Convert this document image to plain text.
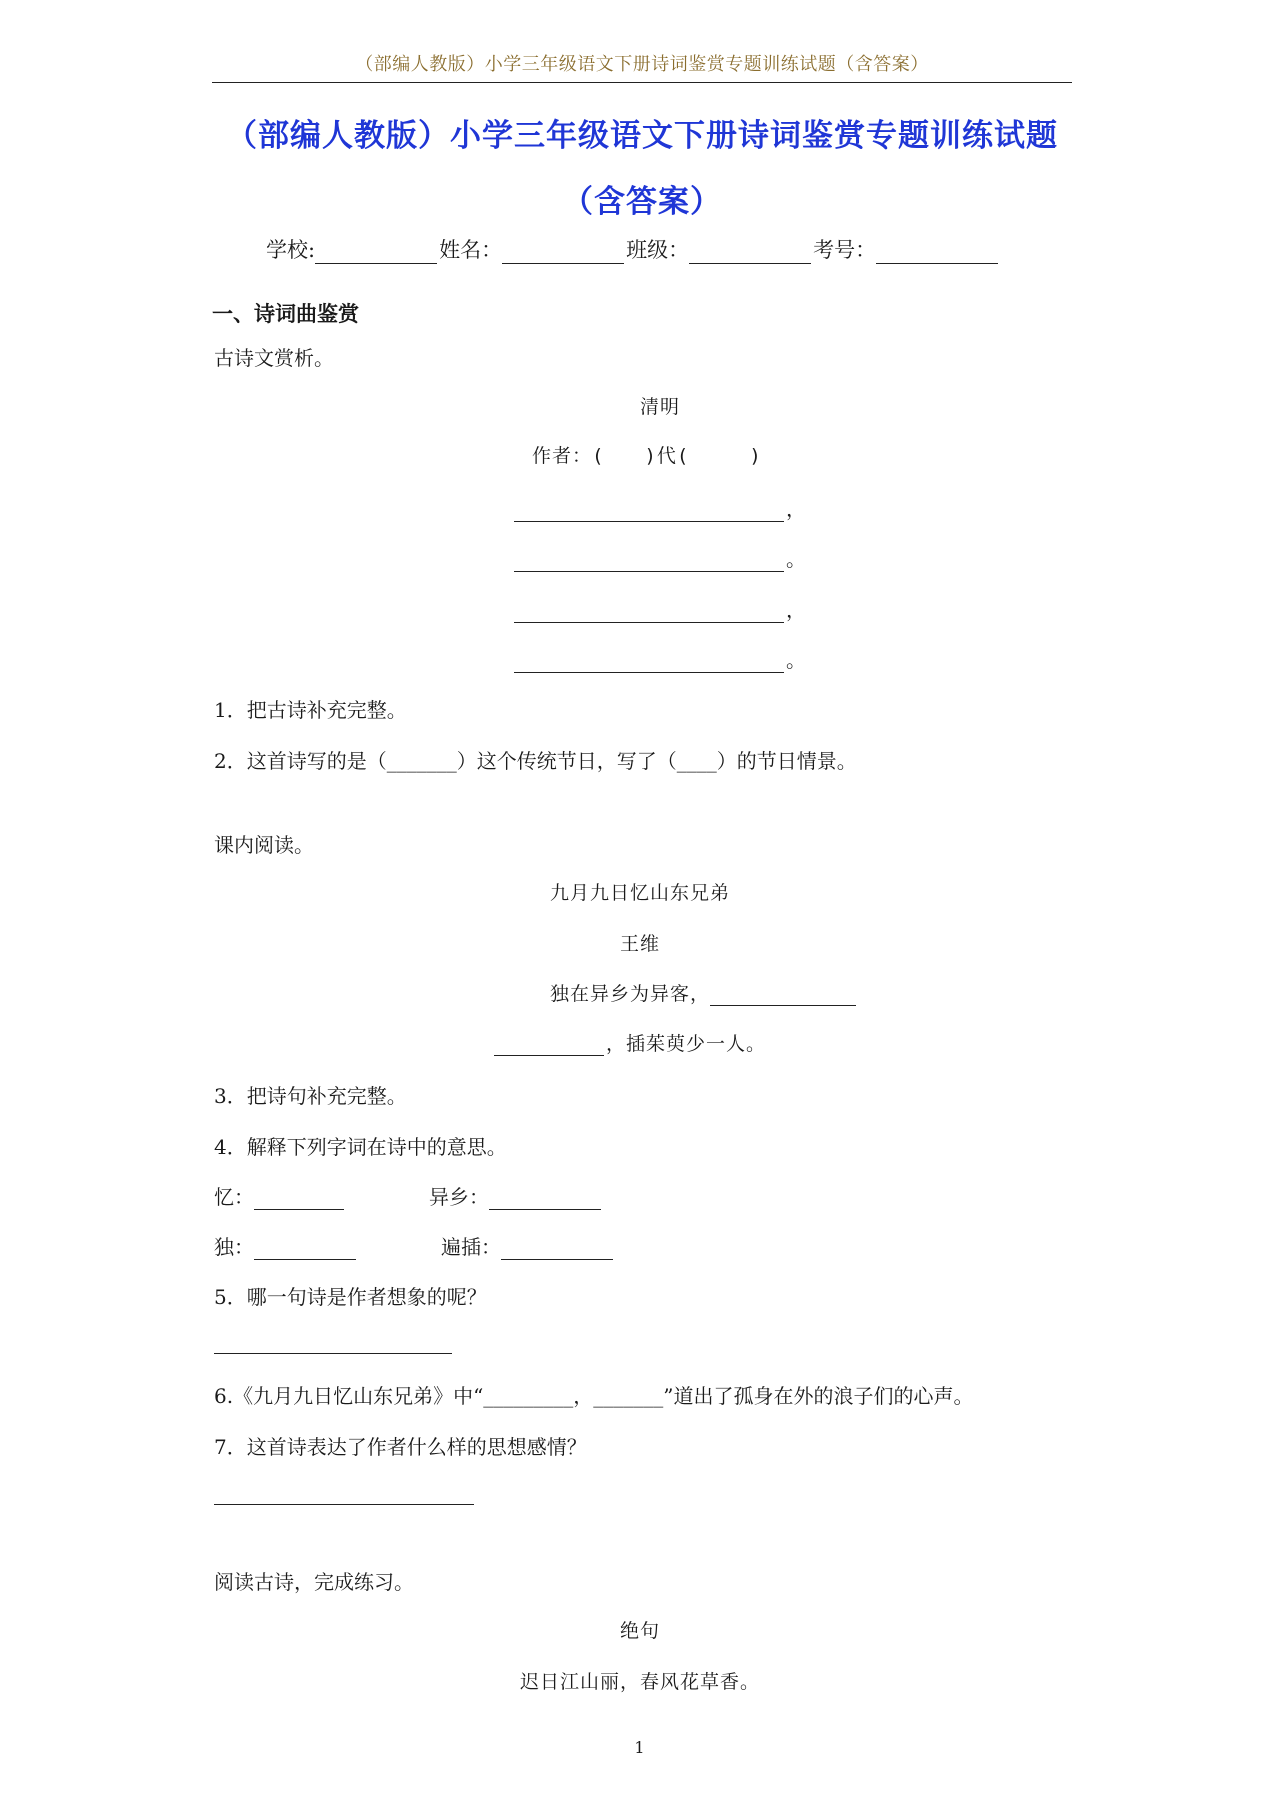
（部编人教版）小学三年级语文下册诗词鉴赏专题训练试题（含答案）
（部编人教版）小学三年级语文下册诗词鉴赏专题训练试题
（含答案）
学校:	姓名：	班级：	考号：
一、诗词曲鉴赏
古诗文赏析。
清明
作者：(　　)代(　　　)
，
。
，
。
1．把古诗补充完整。
2．这首诗写的是（_______）这个传统节日，写了（____）的节日情景。
课内阅读。
九月九日忆山东兄弟
王维
独在异乡为异客，
，插茱萸少一人。
3．把诗句补充完整。
4．解释下列字词在诗中的意思。
忆：	异乡：
独：	遍插：
5．哪一句诗是作者想象的呢？
6.《九月九日忆山东兄弟》中“_________，_______”道出了孤身在外的浪子们的心声。
7．这首诗表达了作者什么样的思想感情？
阅读古诗，完成练习。
绝句
迟日江山丽，春风花草香。
1
